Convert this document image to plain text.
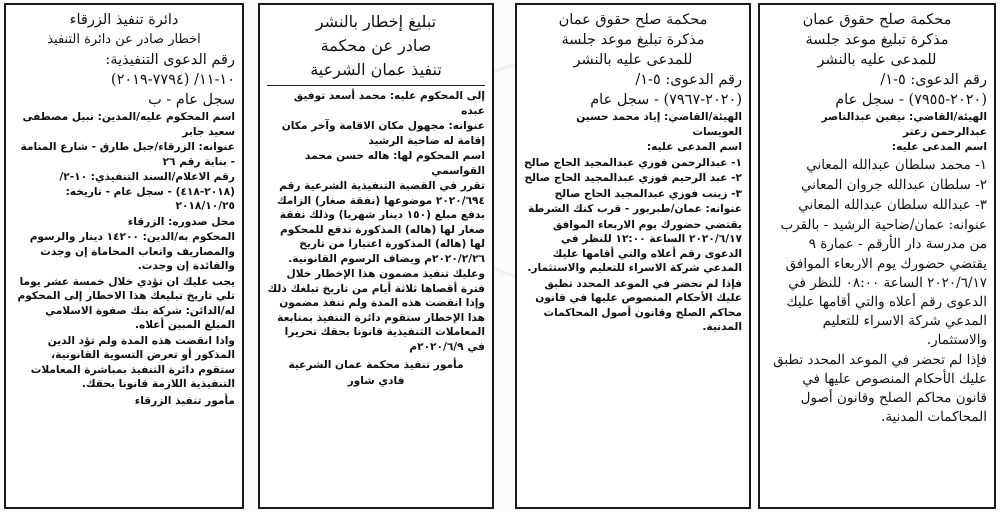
محكمة صلح حقوق عمان
مذكرة تبليغ موعد جلسة
للمدعى عليه بالنشر
رقم الدعوى: ٥-١/
(٢٠٢٠-٧٩٥٥) - سجل عام

الهيئة/القاضي: نيفين عبدالناصر عبدالرحمن زعتر

اسم المدعى عليه:

١- محمد سلطان عبدالله المعاني

٢- سلطان عبدالله جروان المعاني

٣- عبدالله سلطان عبدالله المعاني

عنوانه: عمان/ضاحية الرشيد - بالقرب من مدرسة دار الأرقم - عمارة ٩

يقتضي حضورك يوم الاربعاء الموافق ٢٠٢٠/٦/١٧ الساعة ٠٨:٠٠ للنظر في الدعوى رقم أعلاه والتي أقامها عليك المدعي شركة الاسراء للتعليم والاستثمار.

فإذا لم تحضر في الموعد المحدد تطبق عليك الأحكام المنصوص عليها في قانون محاكم الصلح وقانون أصول المحاكمات المدنية.

محكمة صلح حقوق عمان
مذكرة تبليغ موعد جلسة
للمدعى عليه بالنشر
رقم الدعوى: ٥-١/
(٢٠٢٠-٧٩٦٧) - سجل عام

الهيئة/القاضي: إياد محمد حسين العويسات

اسم المدعى عليه:

١- عبدالرحمن فوزي عبدالمجيد الحاج صالح

٢- عبد الرحيم فوزي عبدالمجيد الحاج صالح

٣- زينب فوزي عبدالمجيد الحاج صالح

عنوانه: عمان/طبربور - قرب كنك الشرطة

يقتضي حضورك يوم الاربعاء الموافق ٢٠٢٠/٦/١٧ الساعة ١٢:٠٠ للنظر في الدعوى رقم أعلاه والتي أقامها عليك المدعي شركة الاسراء للتعليم والاستثمار.

فإذا لم تحضر في الموعد المحدد تطبق عليك الأحكام المنصوص عليها في قانون محاكم الصلح وقانون أصول المحاكمات المدنية.

تبليغ إخطار بالنشر
صادر عن محكمة
تنفيذ عمان الشرعية

إلى المحكوم عليه: محمد أسعد توفيق عبده

عنوانه: مجهول مكان الاقامة وآخر مكان إقامة له ضاحية الرشيد

اسم المحكوم لها: هاله حسن محمد القواسمي

تقرر في القضية التنفيذية الشرعية رقم ٢٠٢٠/٦٩٤ موضوعها (نفقة صغار) الزامك بدفع مبلغ (١٥٠ دينار شهريا) وذلك نفقة صغار لها (هاله) المذكورة تدفع للمحكوم لها (هاله) المذكورة اعتبارا من تاريخ ٢٠٢٠/٢/٢٦م ويضاف الرسوم القانونية.

وعليك تنفيذ مضمون هذا الإخطار خلال فترة أقصاها ثلاثة أيام من تاريخ تبلغك ذلك وإذا انقضت هذه المدة ولم تنفذ مضمون هذا الإخطار ستقوم دائرة التنفيذ بمتابعة المعاملات التنفيذية قانونا بحقك تحريرا في ٢٠٢٠/٦/٩م

مأمور تنفيذ محكمة عمان الشرعية

فادي شاور

دائرة تنفيذ الزرقاء
اخطار صادر عن دائرة التنفيذ
رقم الدعوى التنفيذية:
١٠-١١/ (٧٧٩٤-٢٠١٩)
سجل عام - ب

اسم المحكوم عليه/المدين: نبيل مصطفى سعيد جابر

عنوانه: الزرقاء/جبل طارق - شارع المنامة - بناية رقم ٢٦

رقم الاعلام/السند التنفيذي: ١٠-٢/ (٢٠١٨-٤١٨) - سجل عام - تاريخه: ٢٠١٨/١٠/٢٥

محل صدوره: الزرقاء

المحكوم به/الدين: ١٤٢٠٠ دينار والرسوم والمصاريف واتعاب المحاماة إن وجدت والفائدة إن وجدت.

يجب عليك ان تؤدي خلال خمسة عشر يوما تلي تاريخ تبليغك هذا الاخطار إلى المحكوم له/الدائن: شركة بنك صفوة الاسلامي المبلغ المبين أعلاه.

واذا انقضت هذه المدة ولم تؤد الدين المذكور أو تعرض التسوية القانونية، ستقوم دائرة التنفيذ بمباشرة المعاملات التنفيذية اللازمة قانونا بحقك.

مأمور تنفيذ الزرقاء
